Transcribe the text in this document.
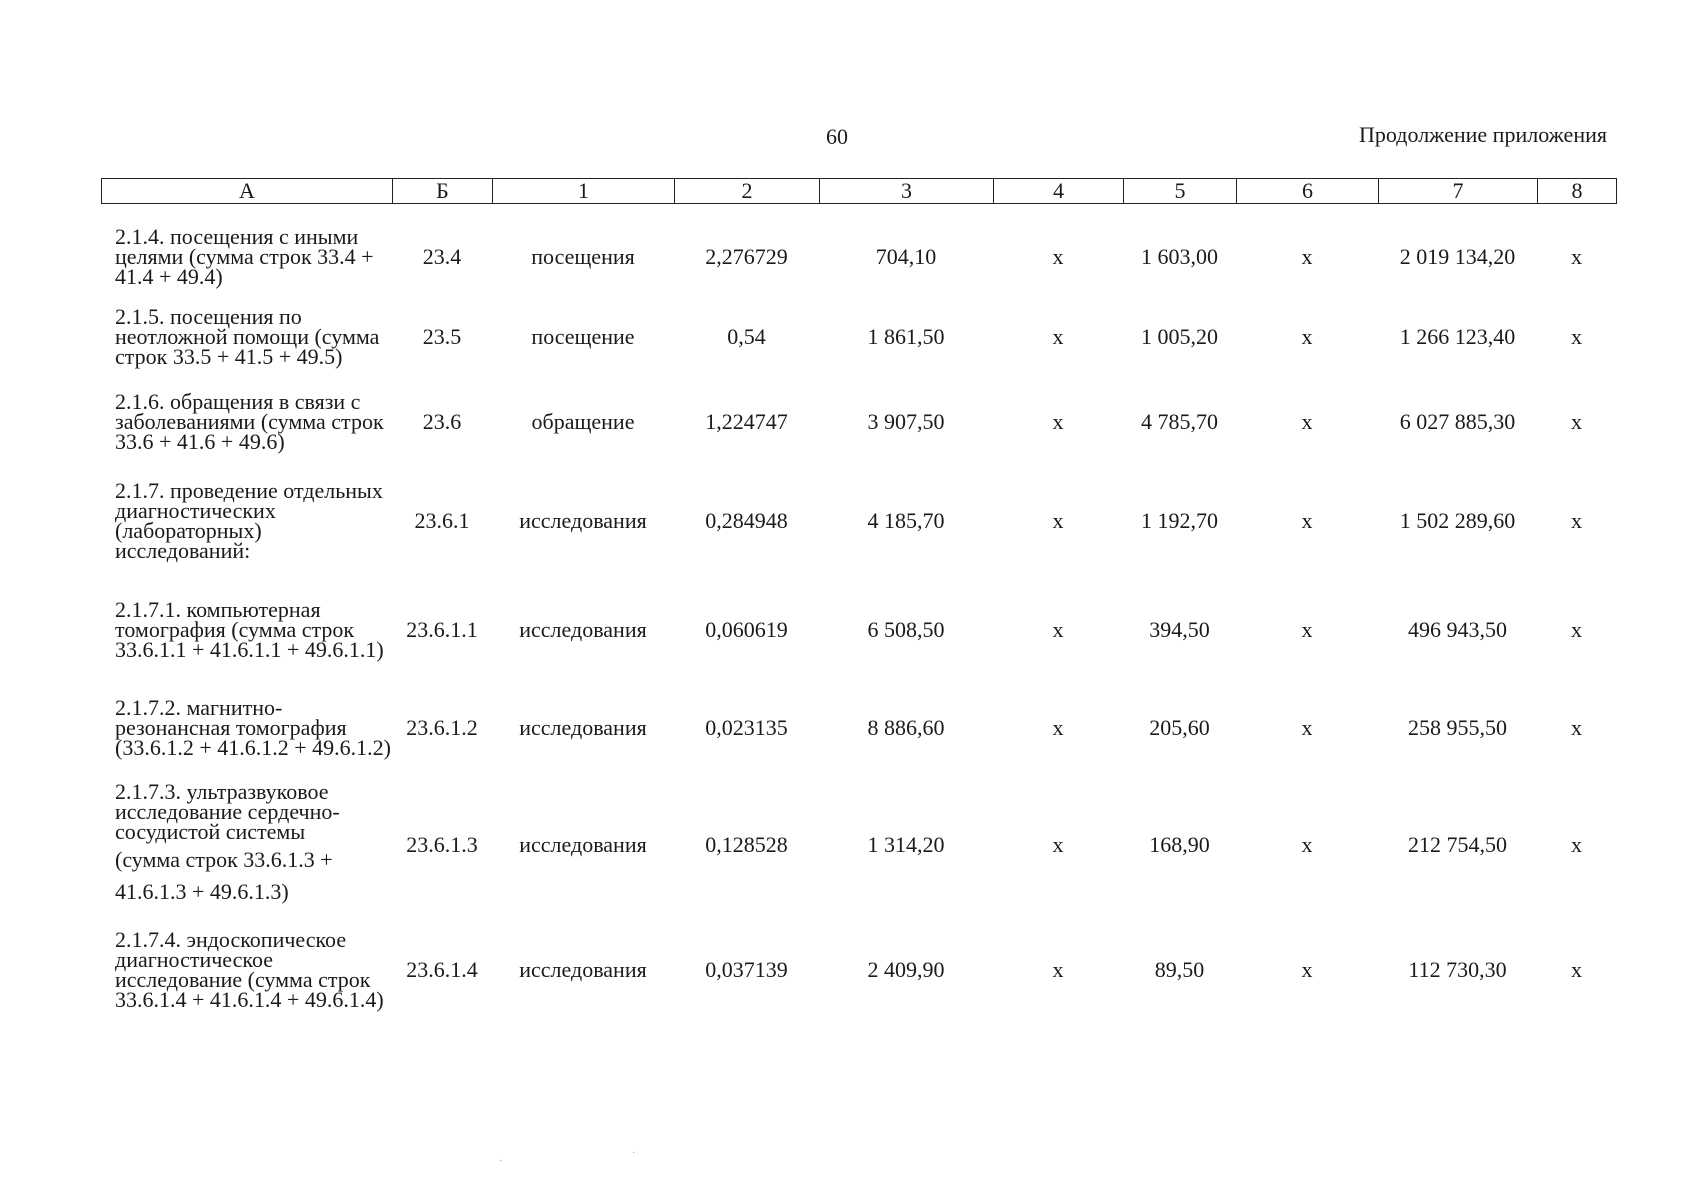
60	Продолжение приложения
А	Б	1	2	3	4	5	6	7	8
2.1.4. посещения с иными целями (сумма строк 33.4 + 41.4 + 49.4)	23.4	посещения	2,276729	704,10	х	1 603,00	х	2 019 134,20	х
2.1.5. посещения по неотложной помощи (сумма строк 33.5 + 41.5 + 49.5)	23.5	посещение	0,54	1 861,50	х	1 005,20	х	1 266 123,40	х
2.1.6. обращения в связи с заболеваниями (сумма строк 33.6 + 41.6 + 49.6)	23.6	обращение	1,224747	3 907,50	х	4 785,70	х	6 027 885,30	х
2.1.7. проведение отдельных диагностических (лабораторных) исследований:	23.6.1	исследования	0,284948	4 185,70	х	1 192,70	х	1 502 289,60	х
2.1.7.1. компьютерная томография (сумма строк 33.6.1.1 + 41.6.1.1 + 49.6.1.1)	23.6.1.1	исследования	0,060619	6 508,50	х	394,50	х	496 943,50	х
2.1.7.2. магнитно-резонансная томография (33.6.1.2 + 41.6.1.2 + 49.6.1.2)	23.6.1.2	исследования	0,023135	8 886,60	х	205,60	х	258 955,50	х
2.1.7.3. ультразвуковое исследование сердечно-сосудистой системы
(сумма строк 33.6.1.3 + 41.6.1.3 + 49.6.1.3)	23.6.1.3	исследования	0,128528	1 314,20	х	168,90	х	212 754,50	х
2.1.7.4. эндоскопическое диагностическое исследование (сумма строк 33.6.1.4 + 41.6.1.4 + 49.6.1.4)	23.6.1.4	исследования	0,037139	2 409,90	х	89,50	х	112 730,30	х
·
·
